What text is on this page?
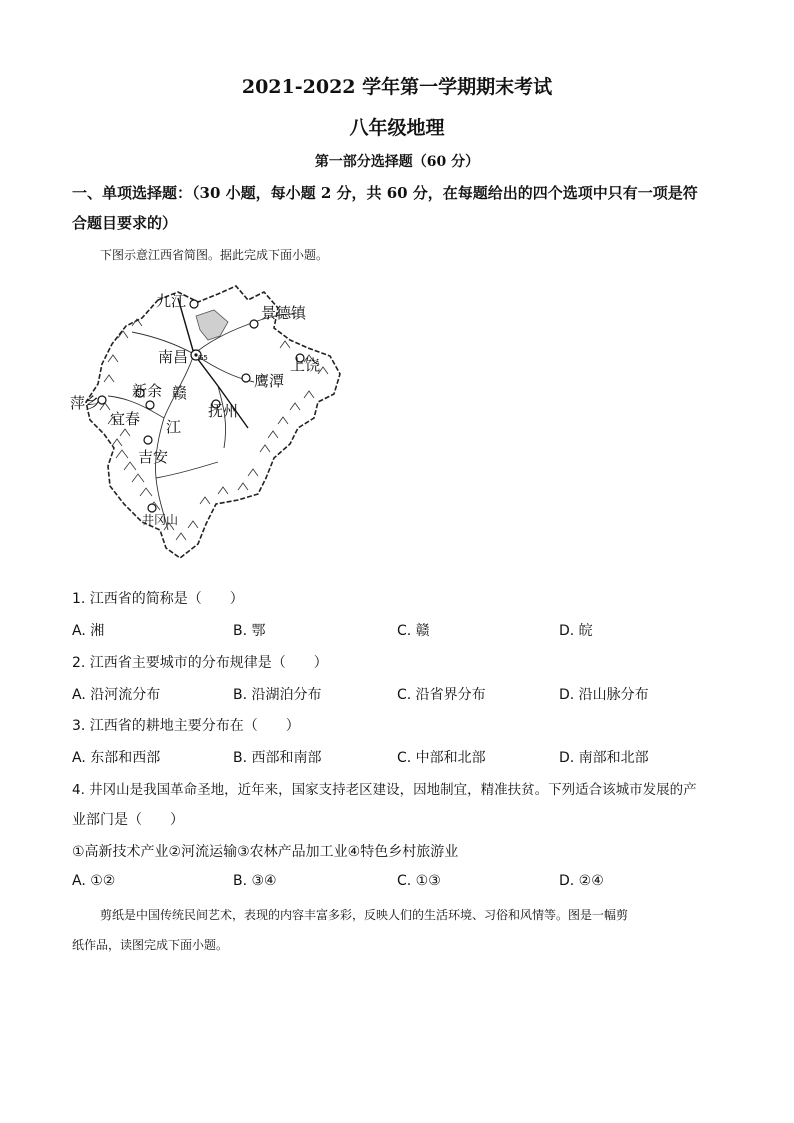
2021-2022 学年第一学期期末考试
八年级地理
第一部分选择题（60 分）
一、单项选择题：（30 小题，每小题 2 分，共 60 分，在每题给出的四个选项中只有一项是符
合题目要求的）
下图示意江西省简图。据此完成下面小题。
九江
景德镇
南昌	上饶
鹰潭
新余 赣
萍乡	抚州
宜春 江
吉安
井冈山
G5
1. 江西省的简称是（　　）
A. 湘	B. 鄂	C. 赣	D. 皖
2. 江西省主要城市的分布规律是（　　）
A. 沿河流分布	B. 沿湖泊分布	C. 沿省界分布	D. 沿山脉分布
3. 江西省的耕地主要分布在（　　）
A. 东部和西部	B. 西部和南部	C. 中部和北部	D. 南部和北部
4. 井冈山是我国革命圣地，近年来，国家支持老区建设，因地制宜，精准扶贫。下列适合该城市发展的产
业部门是（　　）
①高新技术产业②河流运输③农林产品加工业④特色乡村旅游业
A. ①②	B. ③④	C. ①③	D. ②④
剪纸是中国传统民间艺术，表现的内容丰富多彩，反映人们的生活环境、习俗和风情等。图是一幅剪
纸作品，读图完成下面小题。
